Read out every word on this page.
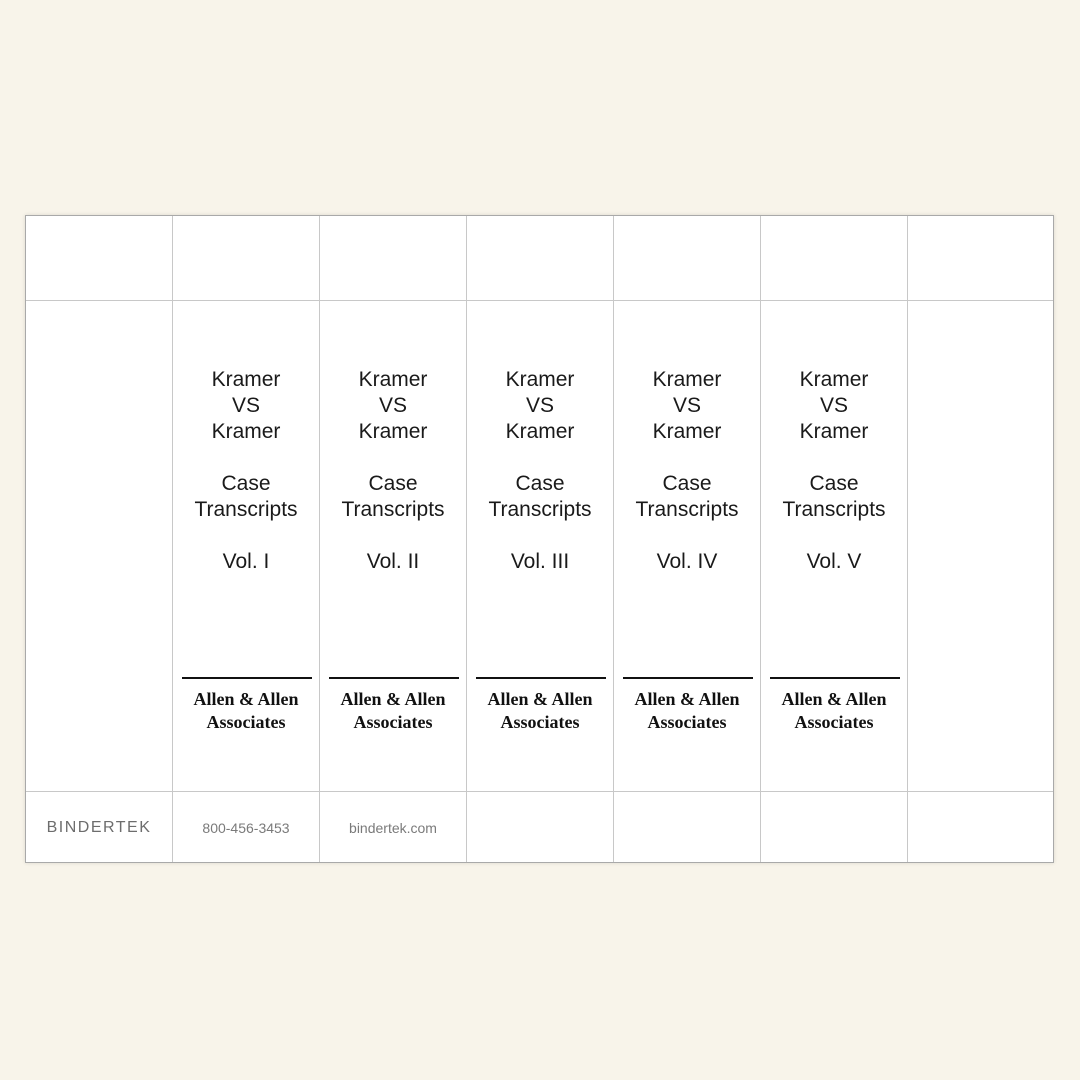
Kramer
VS
Kramer
Case
Transcripts
Vol. I
Allen & Allen
Associates
Kramer
VS
Kramer
Case
Transcripts
Vol. II
Allen & Allen
Associates
Kramer
VS
Kramer
Case
Transcripts
Vol. III
Allen & Allen
Associates
Kramer
VS
Kramer
Case
Transcripts
Vol. IV
Allen & Allen
Associates
Kramer
VS
Kramer
Case
Transcripts
Vol. V
Allen & Allen
Associates
BINDERTEK	800-456-3453	bindertek.com
